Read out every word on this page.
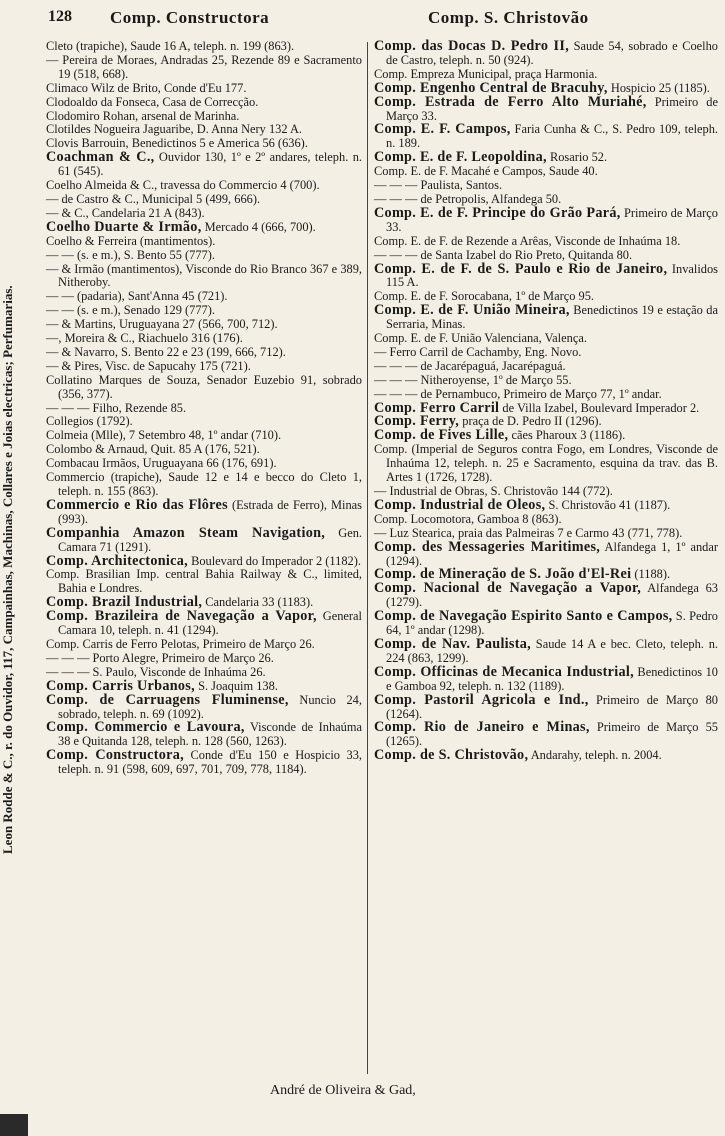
128 Comp. Constructora	Comp. S. Christovão
Leon Rodde & C., r. do Ouvidor, 117, Campainhas, Machinas, Collares e Joias electricas; Perfumarias.
Cleto (trapiche), Saude 16 A, teleph. n. 199 (863).
— Pereira de Moraes, Andradas 25, Rezende 89 e Sacramento 19 (518, 668).
Climaco Wilz de Brito, Conde d'Eu 177.
Clodoaldo da Fonseca, Casa de Correcção.
Clodomiro Rohan, arsenal de Marinha.
Clotildes Nogueira Jaguaribe, D. Anna Nery 132 A.
Clovis Barrouin, Benedictinos 5 e America 56 (636).
Coachman & C., Ouvidor 130, 1º e 2º andares, teleph. n. 61 (545).
Coelho Almeida & C., travessa do Commercio 4 (700).
— de Castro & C., Municipal 5 (499, 666).
— & C., Candelaria 21 A (843).
Coelho Duarte & Irmão, Mercado 4 (666, 700).
Coelho & Ferreira (mantimentos).
— — (s. e m.), S. Bento 55 (777).
— & Irmão (mantimentos), Visconde do Rio Branco 367 e 389, Nitheroby.
— — (padaria), Sant'Anna 45 (721).
— — (s. e m.), Senado 129 (777).
— & Martins, Uruguayana 27 (566, 700, 712).
—, Moreira & C., Riachuelo 316 (176).
— & Navarro, S. Bento 22 e 23 (199, 666, 712).
— & Pires, Visc. de Sapucahy 175 (721).
Collatino Marques de Souza, Senador Euzebio 91, sobrado (356, 377).
— — — Filho, Rezende 85.
Collegios (1792).
Colmeia (Mlle), 7 Setembro 48, 1º andar (710).
Colombo & Arnaud, Quit. 85 A (176, 521).
Combacau Irmãos, Uruguayana 66 (176, 691).
Commercio (trapiche), Saude 12 e 14 e becco do Cleto 1, teleph. n. 155 (863).
Commercio e Rio das Flôres (Estrada de Ferro), Minas (993).
Companhia Amazon Steam Navigation, Gen. Camara 71 (1291).
Comp. Architectonica, Boulevard do Imperador 2 (1182).
Comp. Brasilian Imp. central Bahia Railway & C., limited, Bahia e Londres.
Comp. Brazil Industrial, Candelaria 33 (1183).
Comp. Brazileira de Navegação a Vapor, General Camara 10, teleph. n. 41 (1294).
Comp. Carris de Ferro Pelotas, Primeiro de Março 26.
— — — Porto Alegre, Primeiro de Março 26.
— — — S. Paulo, Visconde de Inhaúma 26.
Comp. Carris Urbanos, S. Joaquim 138.
Comp. de Carruagens Fluminense, Nuncio 24, sobrado, teleph. n. 69 (1092).
Comp. Commercio e Lavoura, Visconde de Inhaúma 38 e Quitanda 128, teleph. n. 128 (560, 1263).
Comp. Constructora, Conde d'Eu 150 e Hospicio 33, teleph. n. 91 (598, 609, 697, 701, 709, 778, 1184).
Comp. das Docas D. Pedro II, Saude 54, sobrado e Coelho de Castro, teleph. n. 50 (924).
Comp. Empreza Municipal, praça Harmonia.
Comp. Engenho Central de Bracuhy, Hospicio 25 (1185).
Comp. Estrada de Ferro Alto Muriahé, Primeiro de Março 33.
Comp. E. F. Campos, Faria Cunha & C., S. Pedro 109, teleph. n. 189.
Comp. E. de F. Leopoldina, Rosario 52.
Comp. E. de F. Macahé e Campos, Saude 40.
— — — Paulista, Santos.
— — — de Petropolis, Alfandega 50.
Comp. E. de F. Principe do Grão Pará, Primeiro de Março 33.
Comp. E. de F. de Rezende a Arêas, Visconde de Inhaúma 18.
— — — de Santa Izabel do Rio Preto, Quitanda 80.
Comp. E. de F. de S. Paulo e Rio de Janeiro, Invalidos 115 A.
Comp. E. de F. Sorocabana, 1º de Março 95.
Comp. E. de F. União Mineira, Benedictinos 19 e estação da Serraria, Minas.
Comp. E. de F. União Valenciana, Valença.
— Ferro Carril de Cachamby, Eng. Novo.
— — — de Jacarépaguá, Jacarépaguá.
— — — Nitheroyense, 1º de Março 55.
— — — de Pernambuco, Primeiro de Março 77, 1º andar.
Comp. Ferro Carril de Villa Izabel, Boulevard Imperador 2.
Comp. Ferry, praça de D. Pedro II (1296).
Comp. de Fives Lille, cães Pharoux 3 (1186).
Comp. (Imperial de Seguros contra Fogo, em Londres, Visconde de Inhaúma 12, teleph. n. 25 e Sacramento, esquina da trav. das B. Artes 1 (1726, 1728).
— Industrial de Obras, S. Christovão 144 (772).
Comp. Industrial de Oleos, S. Christovão 41 (1187).
Comp. Locomotora, Gamboa 8 (863).
— Luz Stearica, praia das Palmeiras 7 e Carmo 43 (771, 778).
Comp. des Messageries Maritimes, Alfandega 1, 1º andar (1294).
Comp. de Mineração de S. João d'El-Rei (1188).
Comp. Nacional de Navegação a Vapor, Alfandega 63 (1279).
Comp. de Navegação Espirito Santo e Campos, S. Pedro 64, 1º andar (1298).
Comp. de Nav. Paulista, Saude 14 A e bec. Cleto, teleph. n. 224 (863, 1299).
Comp. Officinas de Mecanica Industrial, Benedictinos 10 e Gamboa 92, teleph. n. 132 (1189).
Comp. Pastoril Agricola e Ind., Primeiro de Março 80 (1264).
Comp. Rio de Janeiro e Minas, Primeiro de Março 55 (1265).
Comp. de S. Christovão, Andarahy, teleph. n. 2004.
André de Oliveira & Gad,
